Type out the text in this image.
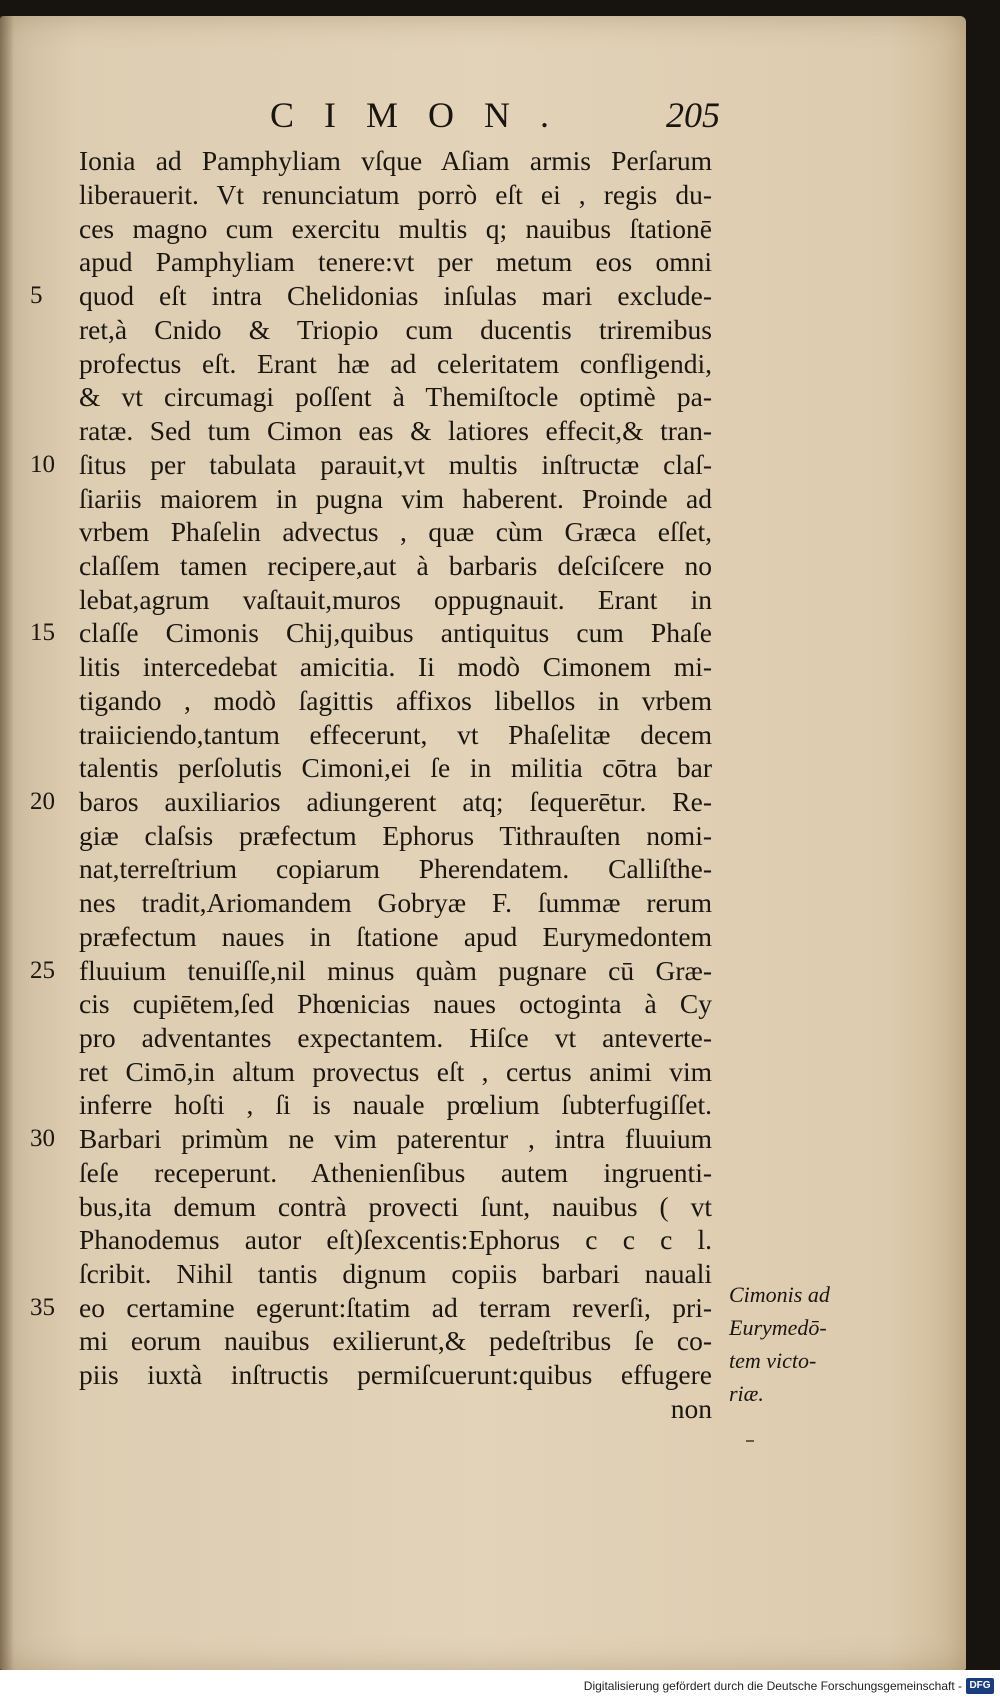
CIMON. 205
Ionia ad Pamphyliam vſque Aſiam armis Perſarum
liberauerit. Vt renunciatum porrò eſt ei , regis du-
ces magno cum exercitu multis q; nauibus ſtationē
apud Pamphyliam tenere:vt per metum eos omni
quod eſt intra Chelidonias inſulas mari exclude-
ret,à Cnido & Triopio cum ducentis triremibus
profectus eſt. Erant hæ ad celeritatem confligendi,
& vt circumagi poſſent à Themiſtocle optimè pa-
ratæ. Sed tum Cimon eas & latiores effecit,& tran-
ſitus per tabulata parauit,vt multis inſtructæ claſ-
ſiariis maiorem in pugna vim haberent. Proinde ad
vrbem Phaſelin advectus , quæ cùm Græca eſſet,
claſſem tamen recipere,aut à barbaris deſciſcere no
lebat,agrum vaſtauit,muros oppugnauit. Erant in
claſſe Cimonis Chij,quibus antiquitus cum Phaſe
litis intercedebat amicitia. Ii modò Cimonem mi-
tigando , modò ſagittis affixos libellos in vrbem
traiiciendo,tantum effecerunt, vt Phaſelitæ decem
talentis perſolutis Cimoni,ei ſe in militia cōtra bar
baros auxiliarios adiungerent atq; ſequerētur. Re-
giæ claſsis præfectum Ephorus Tithrauſten nomi-
nat,terreſtrium copiarum Pherendatem. Calliſthe-
nes tradit,Ariomandem Gobryæ F. ſummæ rerum
præfectum naues in ſtatione apud Eurymedontem
fluuium tenuiſſe,nil minus quàm pugnare cū Græ-
cis cupiētem,ſed Phœnicias naues octoginta à Cy
pro adventantes expectantem. Hiſce vt anteverte-
ret Cimō,in altum provectus eſt , certus animi vim
inferre hoſti , ſi is nauale prœlium ſubterfugiſſet.
Barbari primùm ne vim paterentur , intra fluuium
ſeſe receperunt. Athenienſibus autem ingruenti-
bus,ita demum contrà provecti ſunt, nauibus ( vt
Phanodemus autor eſt)ſexcentis:Ephorus c c c l.
ſcribit. Nihil tantis dignum copiis barbari nauali
eo certamine egerunt:ſtatim ad terram reverſi, pri-
mi eorum nauibus exilierunt,& pedeſtribus ſe co-
piis iuxtà inſtructis permiſcuerunt:quibus effugere
non
5
10
15
20
25
30
35	Cimonis ad
Eurymedō-
tem victo-
riæ.
Digitalisierung gefördert durch die Deutsche Forschungsgemeinschaft - DFG
